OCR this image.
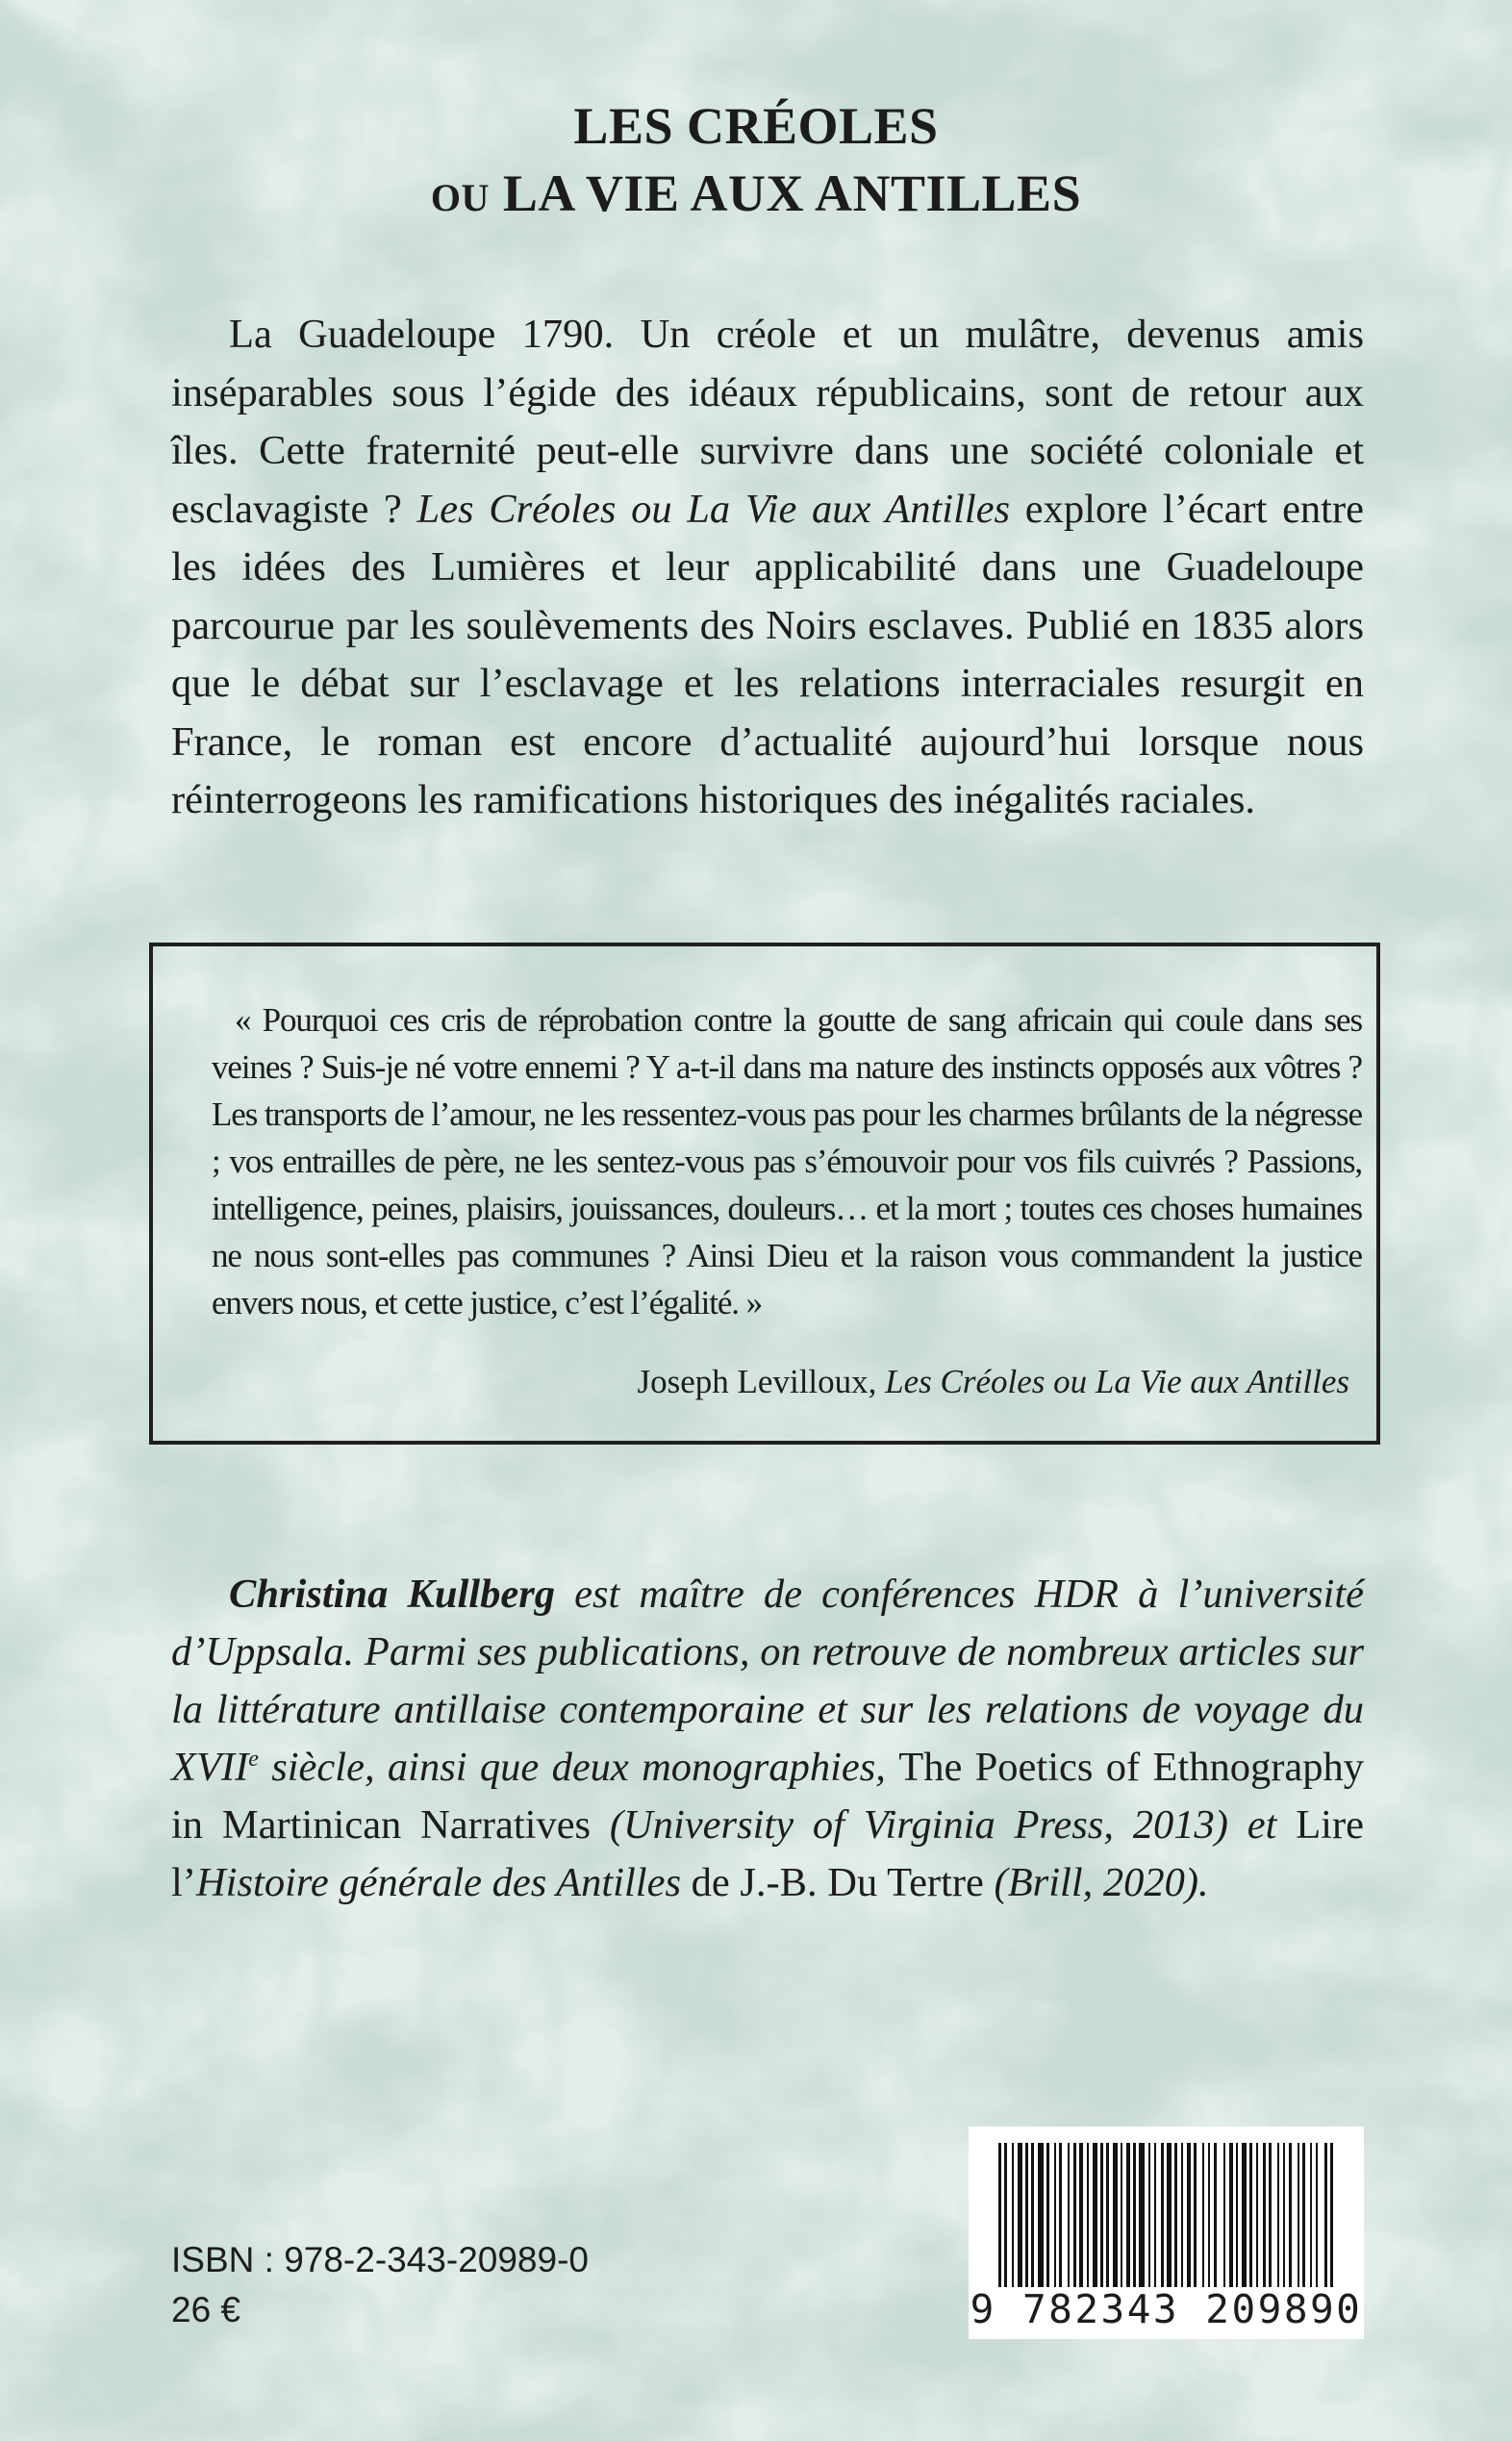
LES CRÉOLES
OU LA VIE AUX ANTILLES

La Guadeloupe 1790. Un créole et un mulâtre, devenus amis inséparables sous l’égide des idéaux républicains, sont de retour aux îles. Cette fraternité peut-elle survivre dans une société coloniale et esclavagiste ? Les Créoles ou La Vie aux Antilles explore l’écart entre les idées des Lumières et leur applicabilité dans une Guadeloupe parcourue par les soulèvements des Noirs esclaves. Publié en 1835 alors que le débat sur l’esclavage et les relations interraciales resurgit en France, le roman est encore d’actualité aujourd’hui lorsque nous réinterrogeons les ramifications historiques des inégalités raciales.

« Pourquoi ces cris de réprobation contre la goutte de sang africain qui coule dans ses veines ? Suis-je né votre ennemi ? Y a-t-il dans ma nature des instincts opposés aux vôtres ? Les transports de l’amour, ne les ressentez-vous pas pour les charmes brûlants de la négresse ; vos entrailles de père, ne les sentez-vous pas s’émouvoir pour vos fils cuivrés ? Passions, intelligence, peines, plaisirs, jouissances, douleurs… et la mort ; toutes ces choses humaines ne nous sont-elles pas communes ? Ainsi Dieu et la raison vous commandent la justice envers nous, et cette justice, c’est l’égalité. »

Joseph Levilloux, Les Créoles ou La Vie aux Antilles

Christina Kullberg est maître de conférences HDR à l’université d’Uppsala. Parmi ses publications, on retrouve de nombreux articles sur la littérature antillaise contemporaine et sur les relations de voyage du XVIIe siècle, ainsi que deux monographies, The Poetics of Ethnography in Martinican Narratives (University of Virginia Press, 2013) et Lire l’Histoire générale des Antilles de J.-B. Du Tertre (Brill, 2020).

ISBN : 978-2-343-20989-0
26 €	9 782343 209890
